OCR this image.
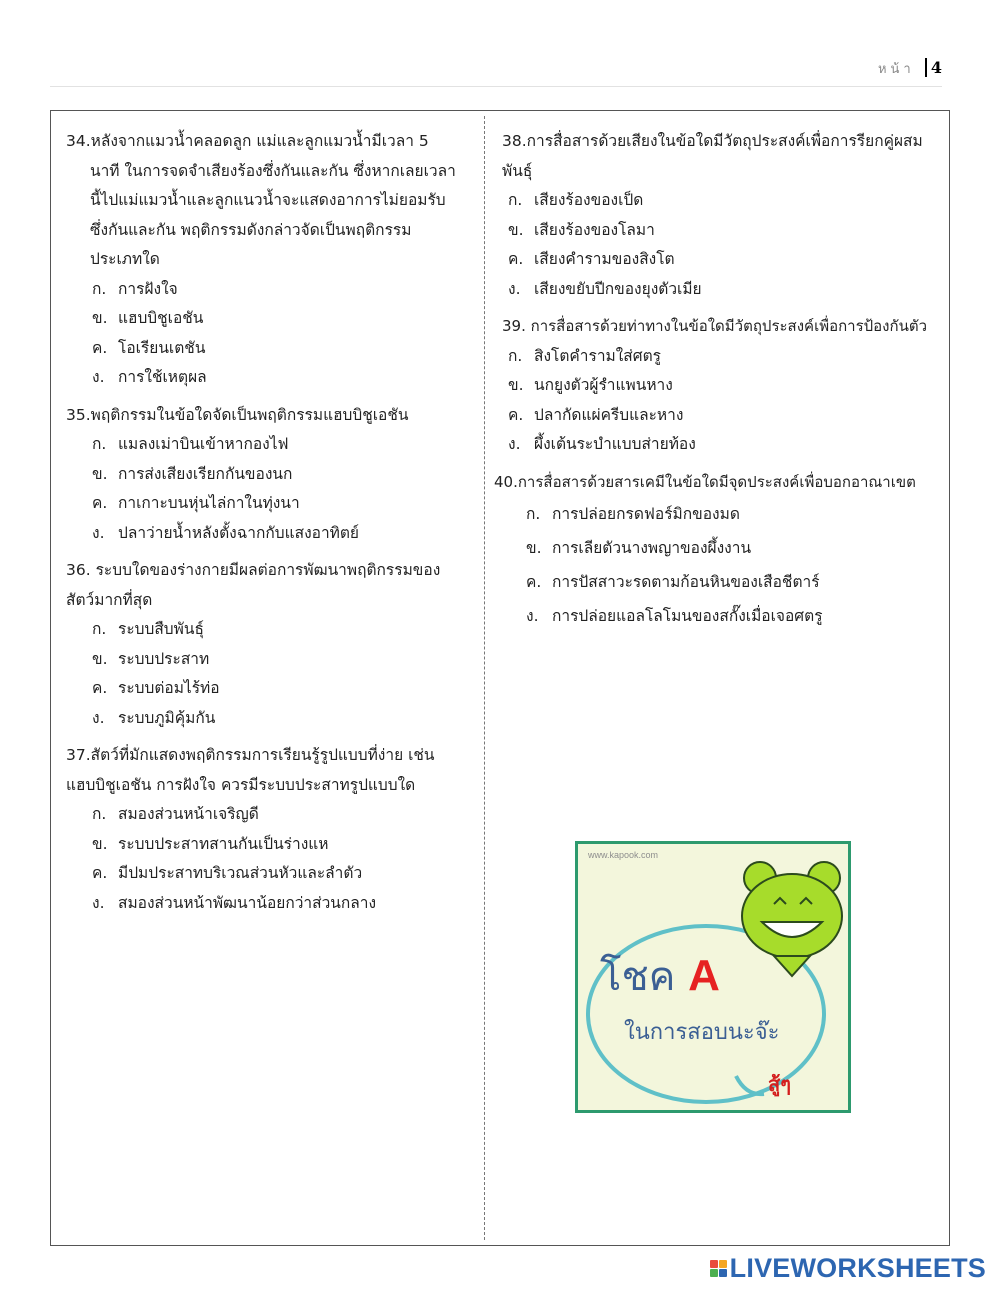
หน้า 4

34.หลังจากแมวน้ำคลอดลูก แม่และลูกแมวน้ำมีเวลา 5 นาที ในการจดจำเสียงร้องซึ่งกันและกัน ซึ่งหากเลยเวลานี้ไปแม่แมวน้ำและลูกแนวน้ำจะแสดงอาการไม่ยอมรับซึ่งกันและกัน พฤติกรรมดังกล่าวจัดเป็นพฤติกรรมประเภทใด

ก. การฝังใจ
ข. แฮบบิชูเอชัน
ค. โอเรียนเตชัน
ง. การใช้เหตุผล

35.พฤติกรรมในข้อใดจัดเป็นพฤติกรรมแฮบบิชูเอชัน

ก. แมลงเม่าบินเข้าหากองไฟ
ข. การส่งเสียงเรียกกันของนก
ค. กาเกาะบนหุ่นไล่กาในทุ่งนา
ง. ปลาว่ายน้ำหลังตั้งฉากกับแสงอาทิตย์

36. ระบบใดของร่างกายมีผลต่อการพัฒนาพฤติกรรมของสัตว์มากที่สุด

ก. ระบบสืบพันธุ์
ข. ระบบประสาท
ค. ระบบต่อมไร้ท่อ
ง. ระบบภูมิคุ้มกัน

37.สัตว์ที่มักแสดงพฤติกรรมการเรียนรู้รูปแบบที่ง่าย เช่น แฮบบิชูเอชัน การฝังใจ ควรมีระบบประสาทรูปแบบใด

ก. สมองส่วนหน้าเจริญดี
ข. ระบบประสาทสานกันเป็นร่างแห
ค. มีปมประสาทบริเวณส่วนหัวและลำตัว
ง. สมองส่วนหน้าพัฒนาน้อยกว่าส่วนกลาง

38.การสื่อสารด้วยเสียงในข้อใดมีวัตถุประสงค์เพื่อการรียกคู่ผสมพันธุ์

ก. เสียงร้องของเป็ด
ข. เสียงร้องของโลมา
ค. เสียงคำรามของสิงโต
ง. เสียงขยับปีกของยุงตัวเมีย

39. การสื่อสารด้วยท่าทางในข้อใดมีวัตถุประสงค์เพื่อการป้องกันตัว

ก. สิงโตคำรามใส่ศตรู
ข. นกยูงตัวผู้รำแพนหาง
ค. ปลากัดแผ่ครีบและหาง
ง. ผึ้งเต้นระบำแบบส่ายท้อง

40.การสื่อสารด้วยสารเคมีในข้อใดมีจุดประสงค์เพื่อบอกอาณาเขต

ก. การปล่อยกรดฟอร์มิกของมด
ข. การเลียตัวนางพญาของผึ้งงาน
ค. การปัสสาวะรดตามก้อนหินของเสือชีตาร์
ง. การปล่อยแอลโลโมนของสกั๊งเมื่อเจอศตรู
www.kapook.com
โชค A
ในการสอบนะจ๊ะ
สู้ๆ
LIVEWORKSHEETS
